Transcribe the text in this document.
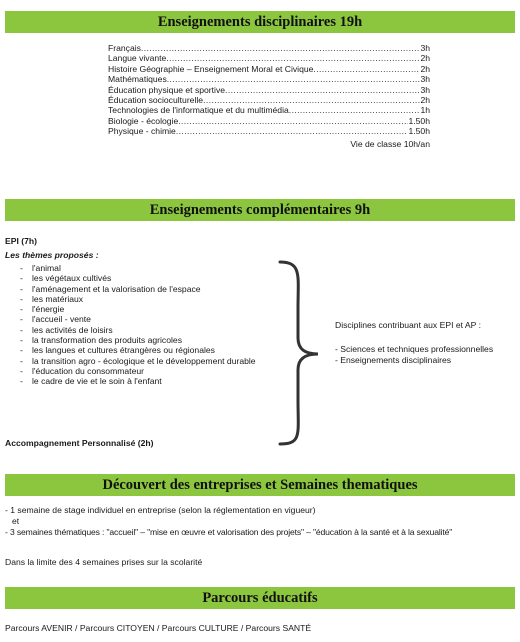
Enseignements disciplinaires 19h
Français .....	3h
Langue vivante .....	2h
Histoire Géographie – Enseignement Moral et Civique .....	2h
Mathématiques .....	3h
Éducation physique et sportive .....	3h
Éducation socioculturelle .....	2h
Technologies de l'informatique et du multimédia .....	1h
Biologie - écologie .....	1.50h
Physique - chimie .....	1.50h
Vie de classe 10h/an
Enseignements complémentaires 9h
EPI (7h)
Les thèmes proposés :
- l'animal
- les végétaux cultivés
- l'aménagement et la valorisation de l'espace
- les matériaux
- l'énergie
- l'accueil - vente
- les activités de loisirs
- la transformation des produits agricoles
- les langues et cultures étrangères ou régionales
- la transition agro - écologique et le développement durable
- l'éducation du consommateur
- le cadre de vie et le soin à l'enfant
Disciplines contribuant aux EPI et AP :
- Sciences et techniques professionnelles
- Enseignements disciplinaires
Accompagnement Personnalisé (2h)
Découvert des entreprises et Semaines thematiques
- 1 semaine de stage individuel en entreprise (selon la réglementation en vigueur)
et
- 3 semaines thématiques : "accueil" – "mise en œuvre et valorisation des projets" – "éducation à la santé et à la sexualité"
Dans la limite des 4 semaines prises sur la scolarité
Parcours éducatifs
Parcours AVENIR / Parcours CITOYEN / Parcours CULTURE / Parcours SANTÉ
